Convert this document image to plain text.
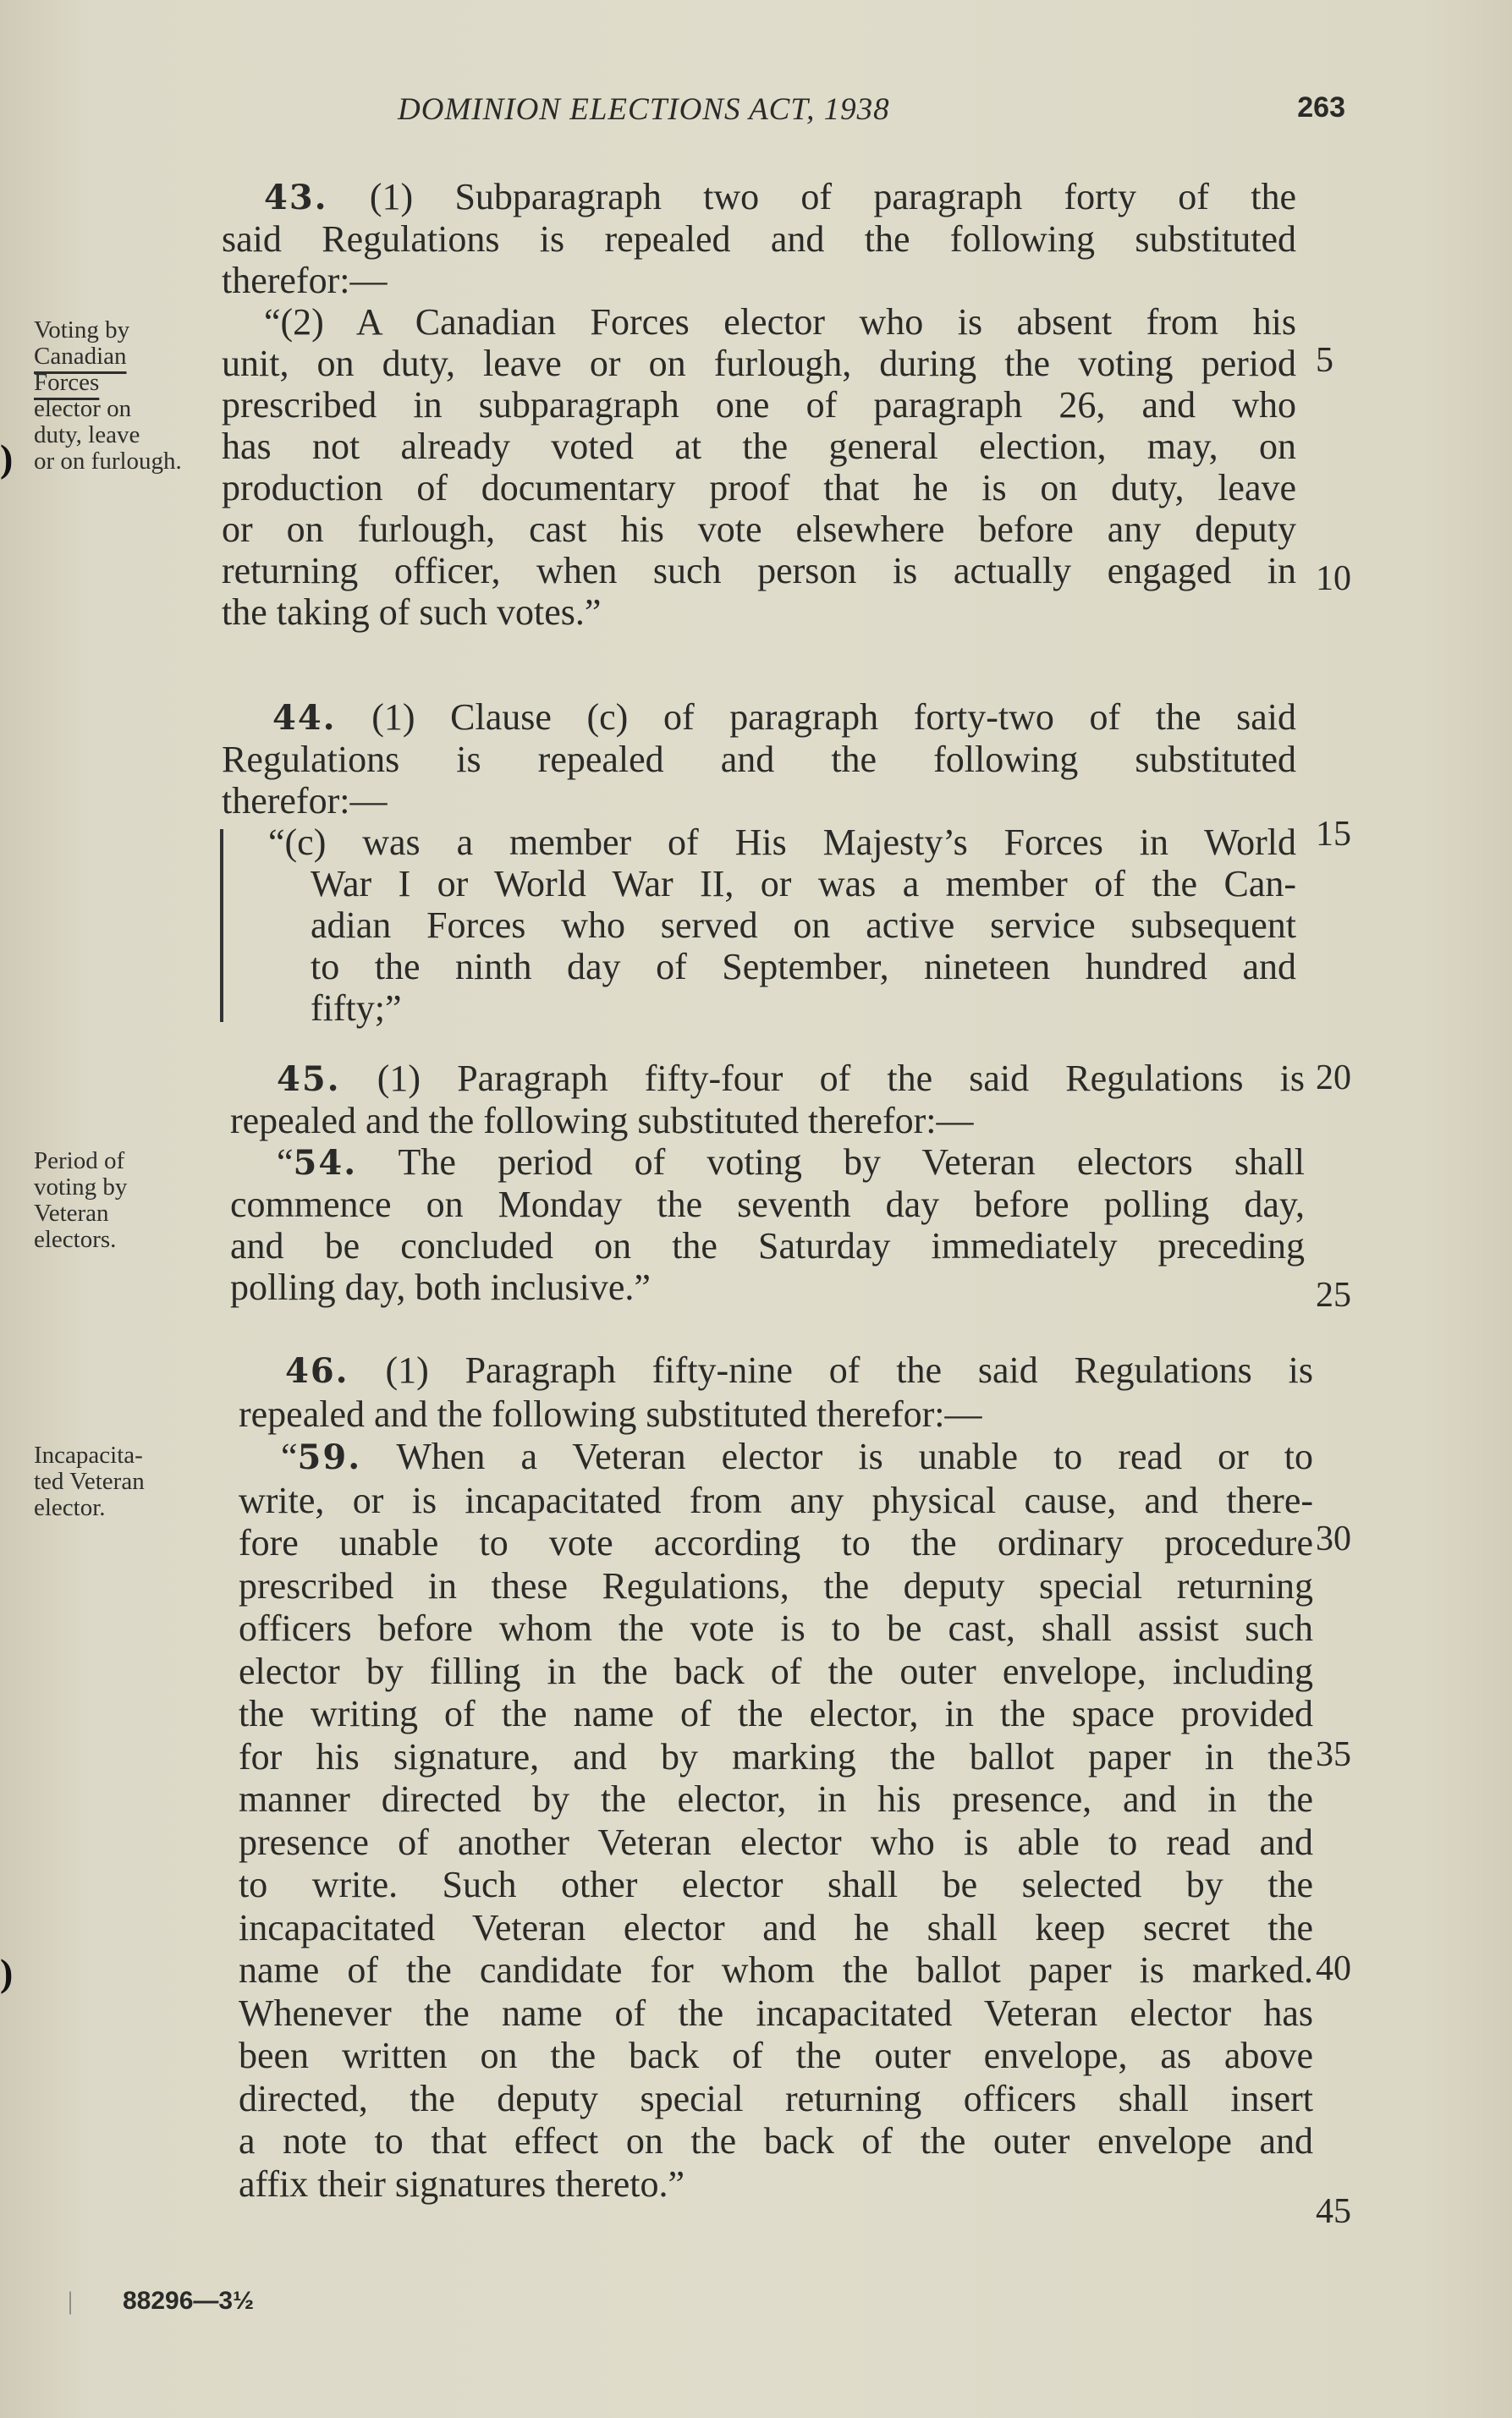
DOMINION ELECTIONS ACT, 1938	263
)
)
Voting by
Canadian
Forces
elector on
duty, leave
or on furlough.
43. (1) Subparagraph two of paragraph forty of the
said Regulations is repealed and the following substituted
therefor:—
“(2) A Canadian Forces elector who is absent from his
unit, on duty, leave or on furlough, during the voting period
prescribed in subparagraph one of paragraph 26, and who
has not already voted at the general election, may, on
production of documentary proof that he is on duty, leave
or on furlough, cast his vote elsewhere before any deputy
returning officer, when such person is actually engaged in
the taking of such votes.”
44. (1) Clause (c) of paragraph forty-two of the said
Regulations is repealed and the following substituted
therefor:—
“(c) was a member of His Majesty’s Forces in World
War I or World War II, or was a member of the Can-
adian Forces who served on active service subsequent
to the ninth day of September, nineteen hundred and
fifty;”
Period of
voting by
Veteran
electors.
45. (1) Paragraph fifty-four of the said Regulations is
repealed and the following substituted therefor:—
“54. The period of voting by Veteran electors shall
commence on Monday the seventh day before polling day,
and be concluded on the Saturday immediately preceding
polling day, both inclusive.”
Incapacita-
ted Veteran
elector.
46. (1) Paragraph fifty-nine of the said Regulations is
repealed and the following substituted therefor:—
“59. When a Veteran elector is unable to read or to
write, or is incapacitated from any physical cause, and there-
fore unable to vote according to the ordinary procedure
prescribed in these Regulations, the deputy special returning
officers before whom the vote is to be cast, shall assist such
elector by filling in the back of the outer envelope, including
the writing of the name of the elector, in the space provided
for his signature, and by marking the ballot paper in the
manner directed by the elector, in his presence, and in the
presence of another Veteran elector who is able to read and
to write. Such other elector shall be selected by the
incapacitated Veteran elector and he shall keep secret the
name of the candidate for whom the ballot paper is marked.
Whenever the name of the incapacitated Veteran elector has
been written on the back of the outer envelope, as above
directed, the deputy special returning officers shall insert
a note to that effect on the back of the outer envelope and
affix their signatures thereto.”
5
10
15
20
25
30
35
40
45
| 88296—3½
